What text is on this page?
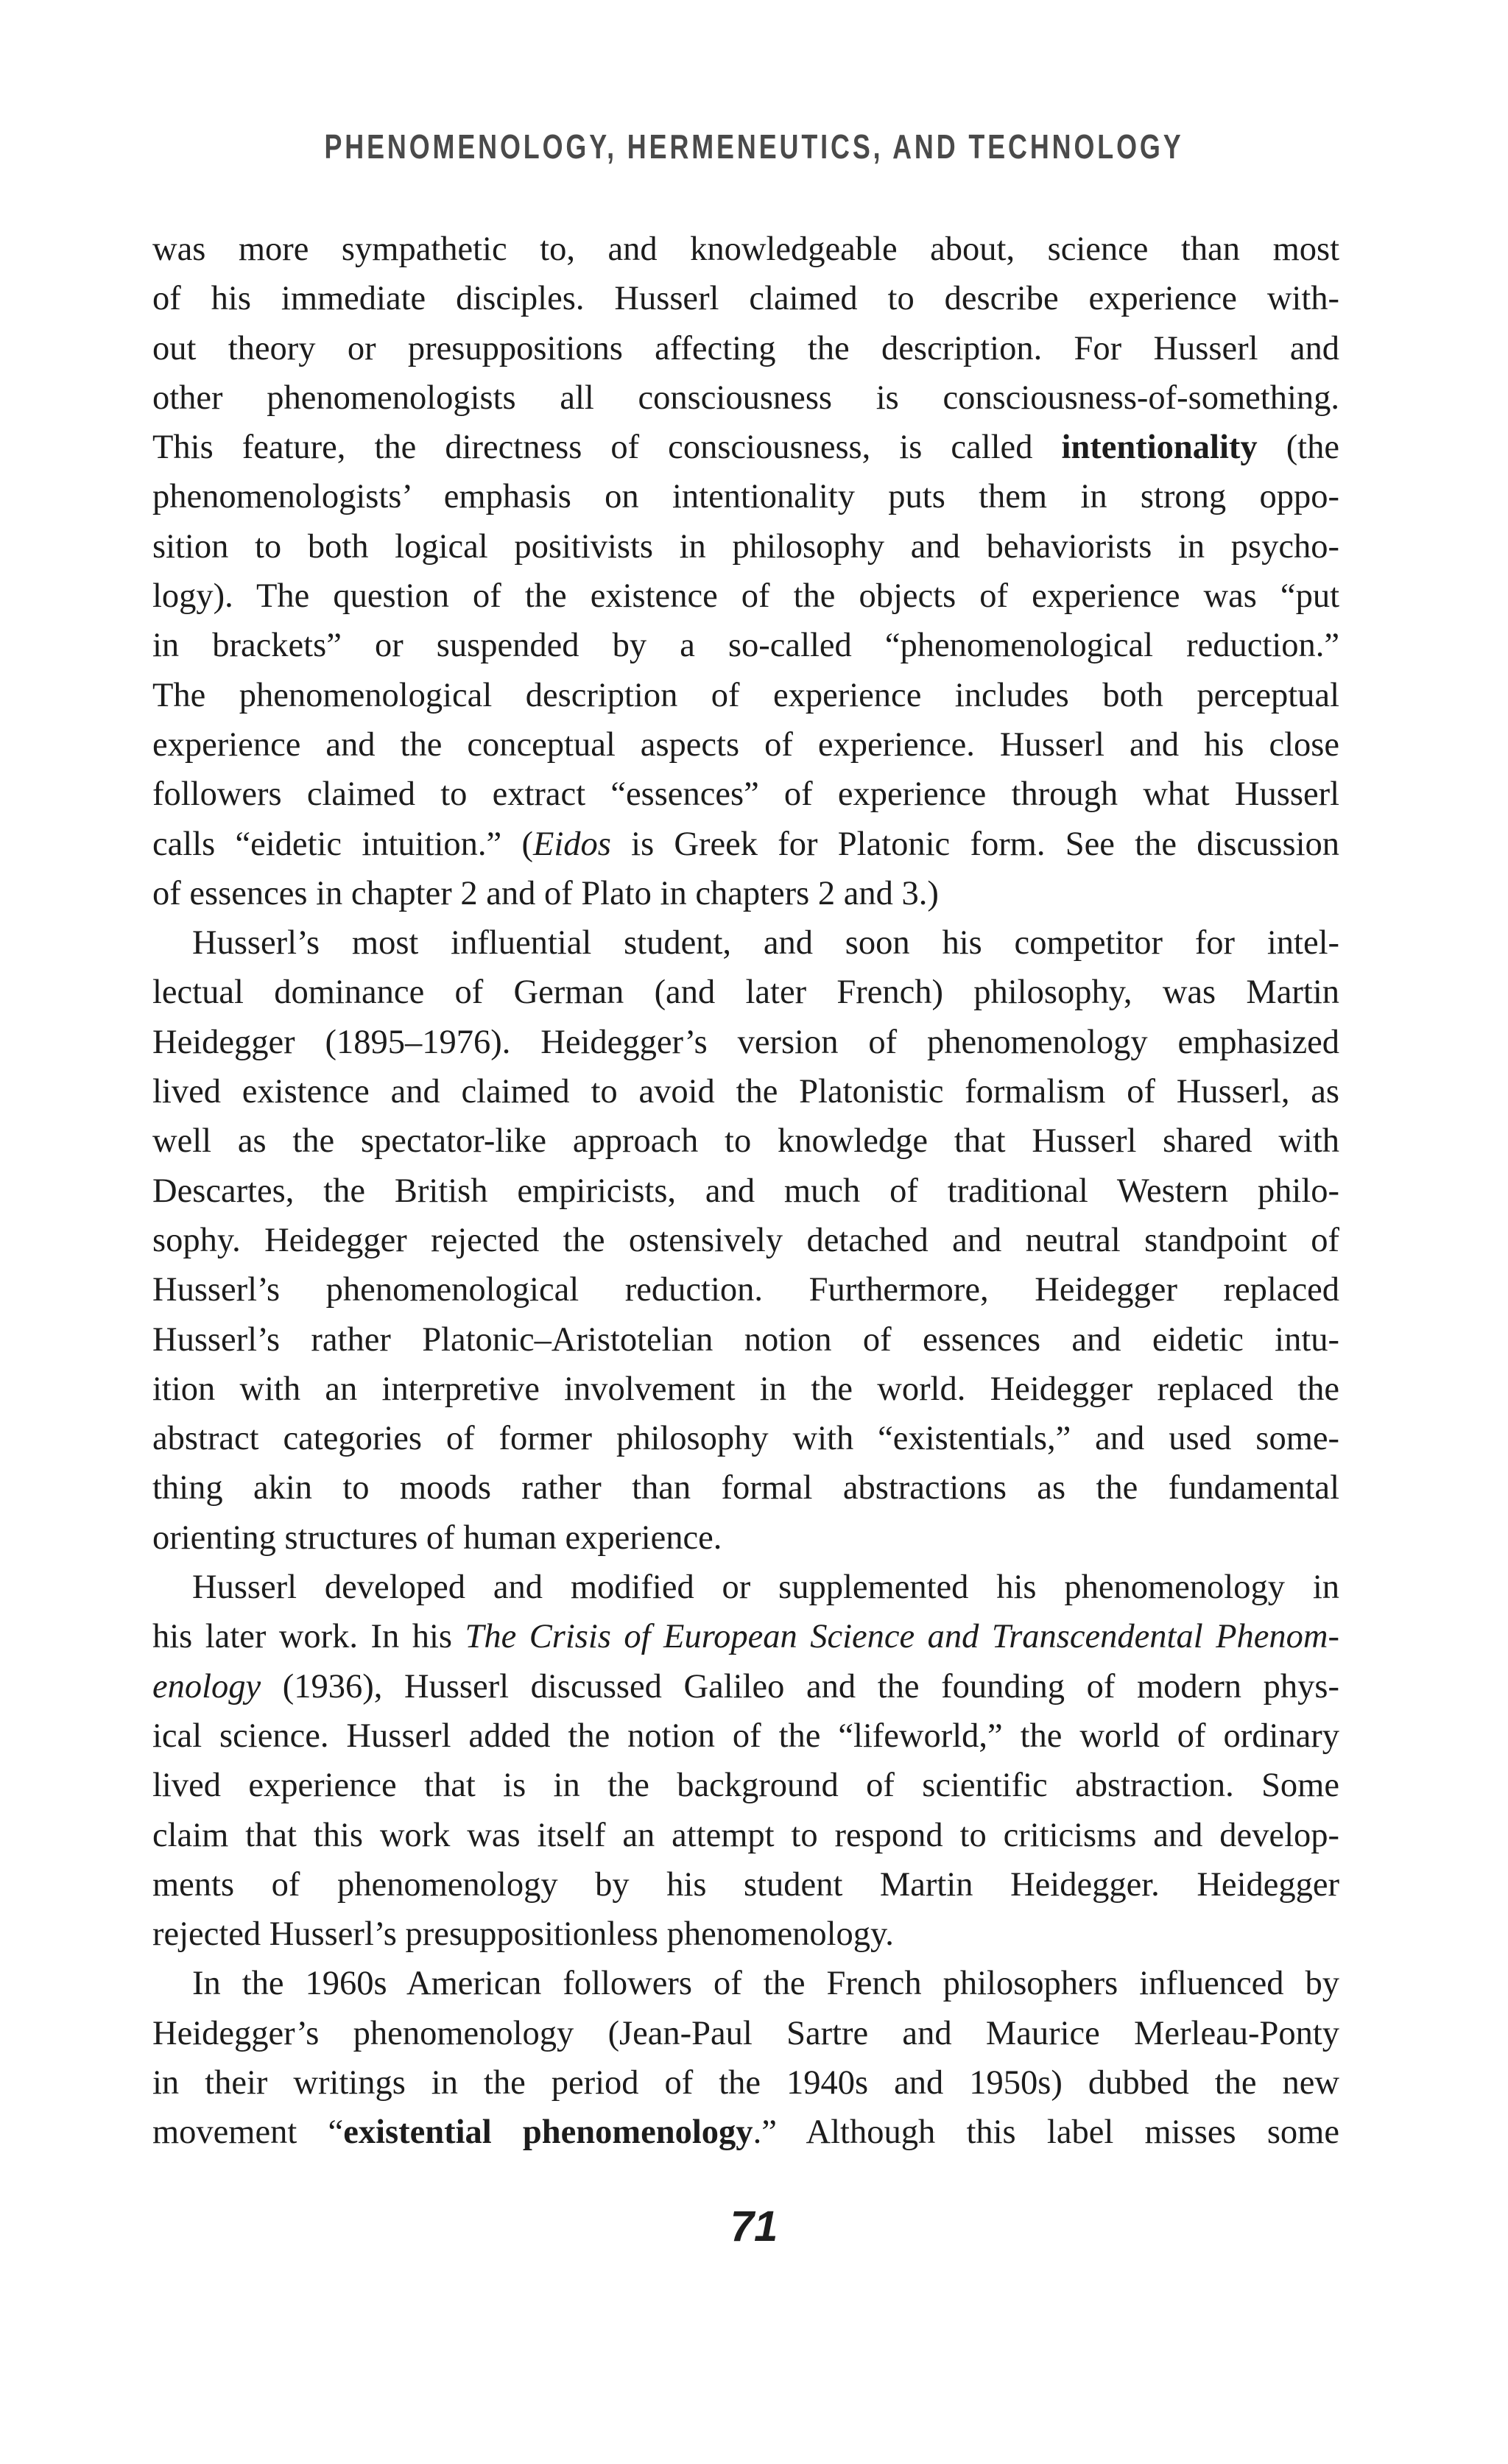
PHENOMENOLOGY, HERMENEUTICS, AND TECHNOLOGY
was more sympathetic to, and knowledgeable about, science than most
of his immediate disciples. Husserl claimed to describe experience with-
out theory or presuppositions affecting the description. For Husserl and
other phenomenologists all consciousness is consciousness-of-something.
This feature, the directness of consciousness, is called intentionality (the
phenomenologists’ emphasis on intentionality puts them in strong oppo-
sition to both logical positivists in philosophy and behaviorists in psycho-
logy). The question of the existence of the objects of experience was “put
in brackets” or suspended by a so-called “phenomenological reduction.”
The phenomenological description of experience includes both perceptual
experience and the conceptual aspects of experience. Husserl and his close
followers claimed to extract “essences” of experience through what Husserl
calls “eidetic intuition.” (Eidos is Greek for Platonic form. See the discussion
of essences in chapter 2 and of Plato in chapters 2 and 3.)
Husserl’s most influential student, and soon his competitor for intel-
lectual dominance of German (and later French) philosophy, was Martin
Heidegger (1895–1976). Heidegger’s version of phenomenology emphasized
lived existence and claimed to avoid the Platonistic formalism of Husserl, as
well as the spectator-like approach to knowledge that Husserl shared with
Descartes, the British empiricists, and much of traditional Western philo-
sophy. Heidegger rejected the ostensively detached and neutral standpoint of
Husserl’s phenomenological reduction. Furthermore, Heidegger replaced
Husserl’s rather Platonic–Aristotelian notion of essences and eidetic intu-
ition with an interpretive involvement in the world. Heidegger replaced the
abstract categories of former philosophy with “existentials,” and used some-
thing akin to moods rather than formal abstractions as the fundamental
orienting structures of human experience.
Husserl developed and modified or supplemented his phenomenology in
his later work. In his The Crisis of European Science and Transcendental Phenom-
enology (1936), Husserl discussed Galileo and the founding of modern phys-
ical science. Husserl added the notion of the “lifeworld,” the world of ordinary
lived experience that is in the background of scientific abstraction. Some
claim that this work was itself an attempt to respond to criticisms and develop-
ments of phenomenology by his student Martin Heidegger. Heidegger
rejected Husserl’s presuppositionless phenomenology.
In the 1960s American followers of the French philosophers influenced by
Heidegger’s phenomenology (Jean-Paul Sartre and Maurice Merleau-Ponty
in their writings in the period of the 1940s and 1950s) dubbed the new
movement “existential phenomenology.” Although this label misses some
71
